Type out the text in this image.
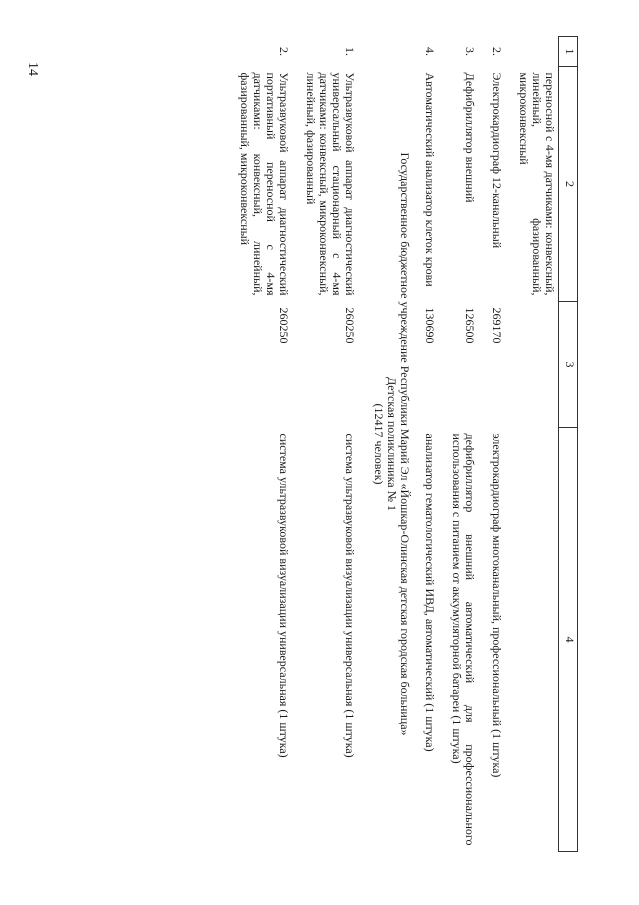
14
1	2	3	4
	переносной с 4-мя датчиками: конвексный, линейный, фазированный, микроконвексный		
2.	Электрокардиограф 12-канальный	269170	электрокардиограф многоканальный, профессиональный (1 штука)
3.	Дефибриллятор внешний	126500	дефибриллятор внешний автоматический для профессионального использования с питанием от аккумуляторной батареи (1 штука)
4.	Автоматический анализатор клеток крови	130690	анализатор гематологический ИВД, автоматический (1 штука)

Государственное бюджетное учреждение Республики Марий Эл «Йошкар-Олинская детская городская больница»
Детская поликлиника № 1
(12417 человек)			

1.	Ультразвуковой аппарат диагностический универсальный стационарный с 4-мя датчиками: конвексный, микроконвексный, линейный, фазированный	260250	система ультразвуковой визуализации универсальная (1 штука)
2.	Ультразвуковой аппарат диагностический портативный переносной с 4-мя датчиками: конвексный, линейный, фазированный, микроконвексный	260250	система ультразвуковой визуализации универсальная (1 штука)
